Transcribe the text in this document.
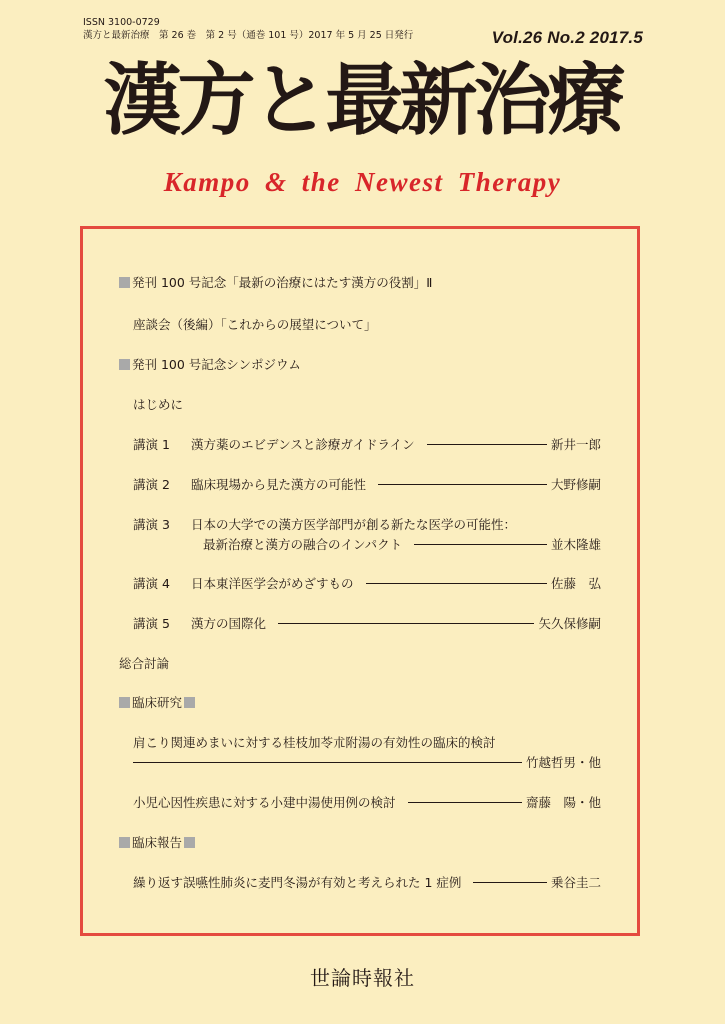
ISSN 3100-0729
漢方と最新治療　第 26 巻　第 2 号（通巻 101 号）2017 年 5 月 25 日発行	Vol.26 No.2 2017.5
漢方と最新治療
Kampo & the Newest Therapy
発刊 100 号記念「最新の治療にはたす漢方の役割」Ⅱ
座談会（後編）「これからの展望について」
発刊 100 号記念シンポジウム
はじめに
講演 1	漢方薬のエビデンスと診療ガイドライン	新井一郎
講演 2	臨床現場から見た漢方の可能性	大野修嗣
講演 3	日本の大学での漢方医学部門が創る新たな医学の可能性：
最新治療と漢方の融合のインパクト	並木隆雄
講演 4	日本東洋医学会がめざすもの	佐藤　弘
講演 5	漢方の国際化	矢久保修嗣
総合討論
臨床研究
肩こり関連めまいに対する桂枝加苓朮附湯の有効性の臨床的検討
竹越哲男・他
小児心因性疾患に対する小建中湯使用例の検討	齋藤　陽・他
臨床報告
繰り返す誤嚥性肺炎に麦門冬湯が有効と考えられた 1 症例	乗谷圭二
世論時報社
